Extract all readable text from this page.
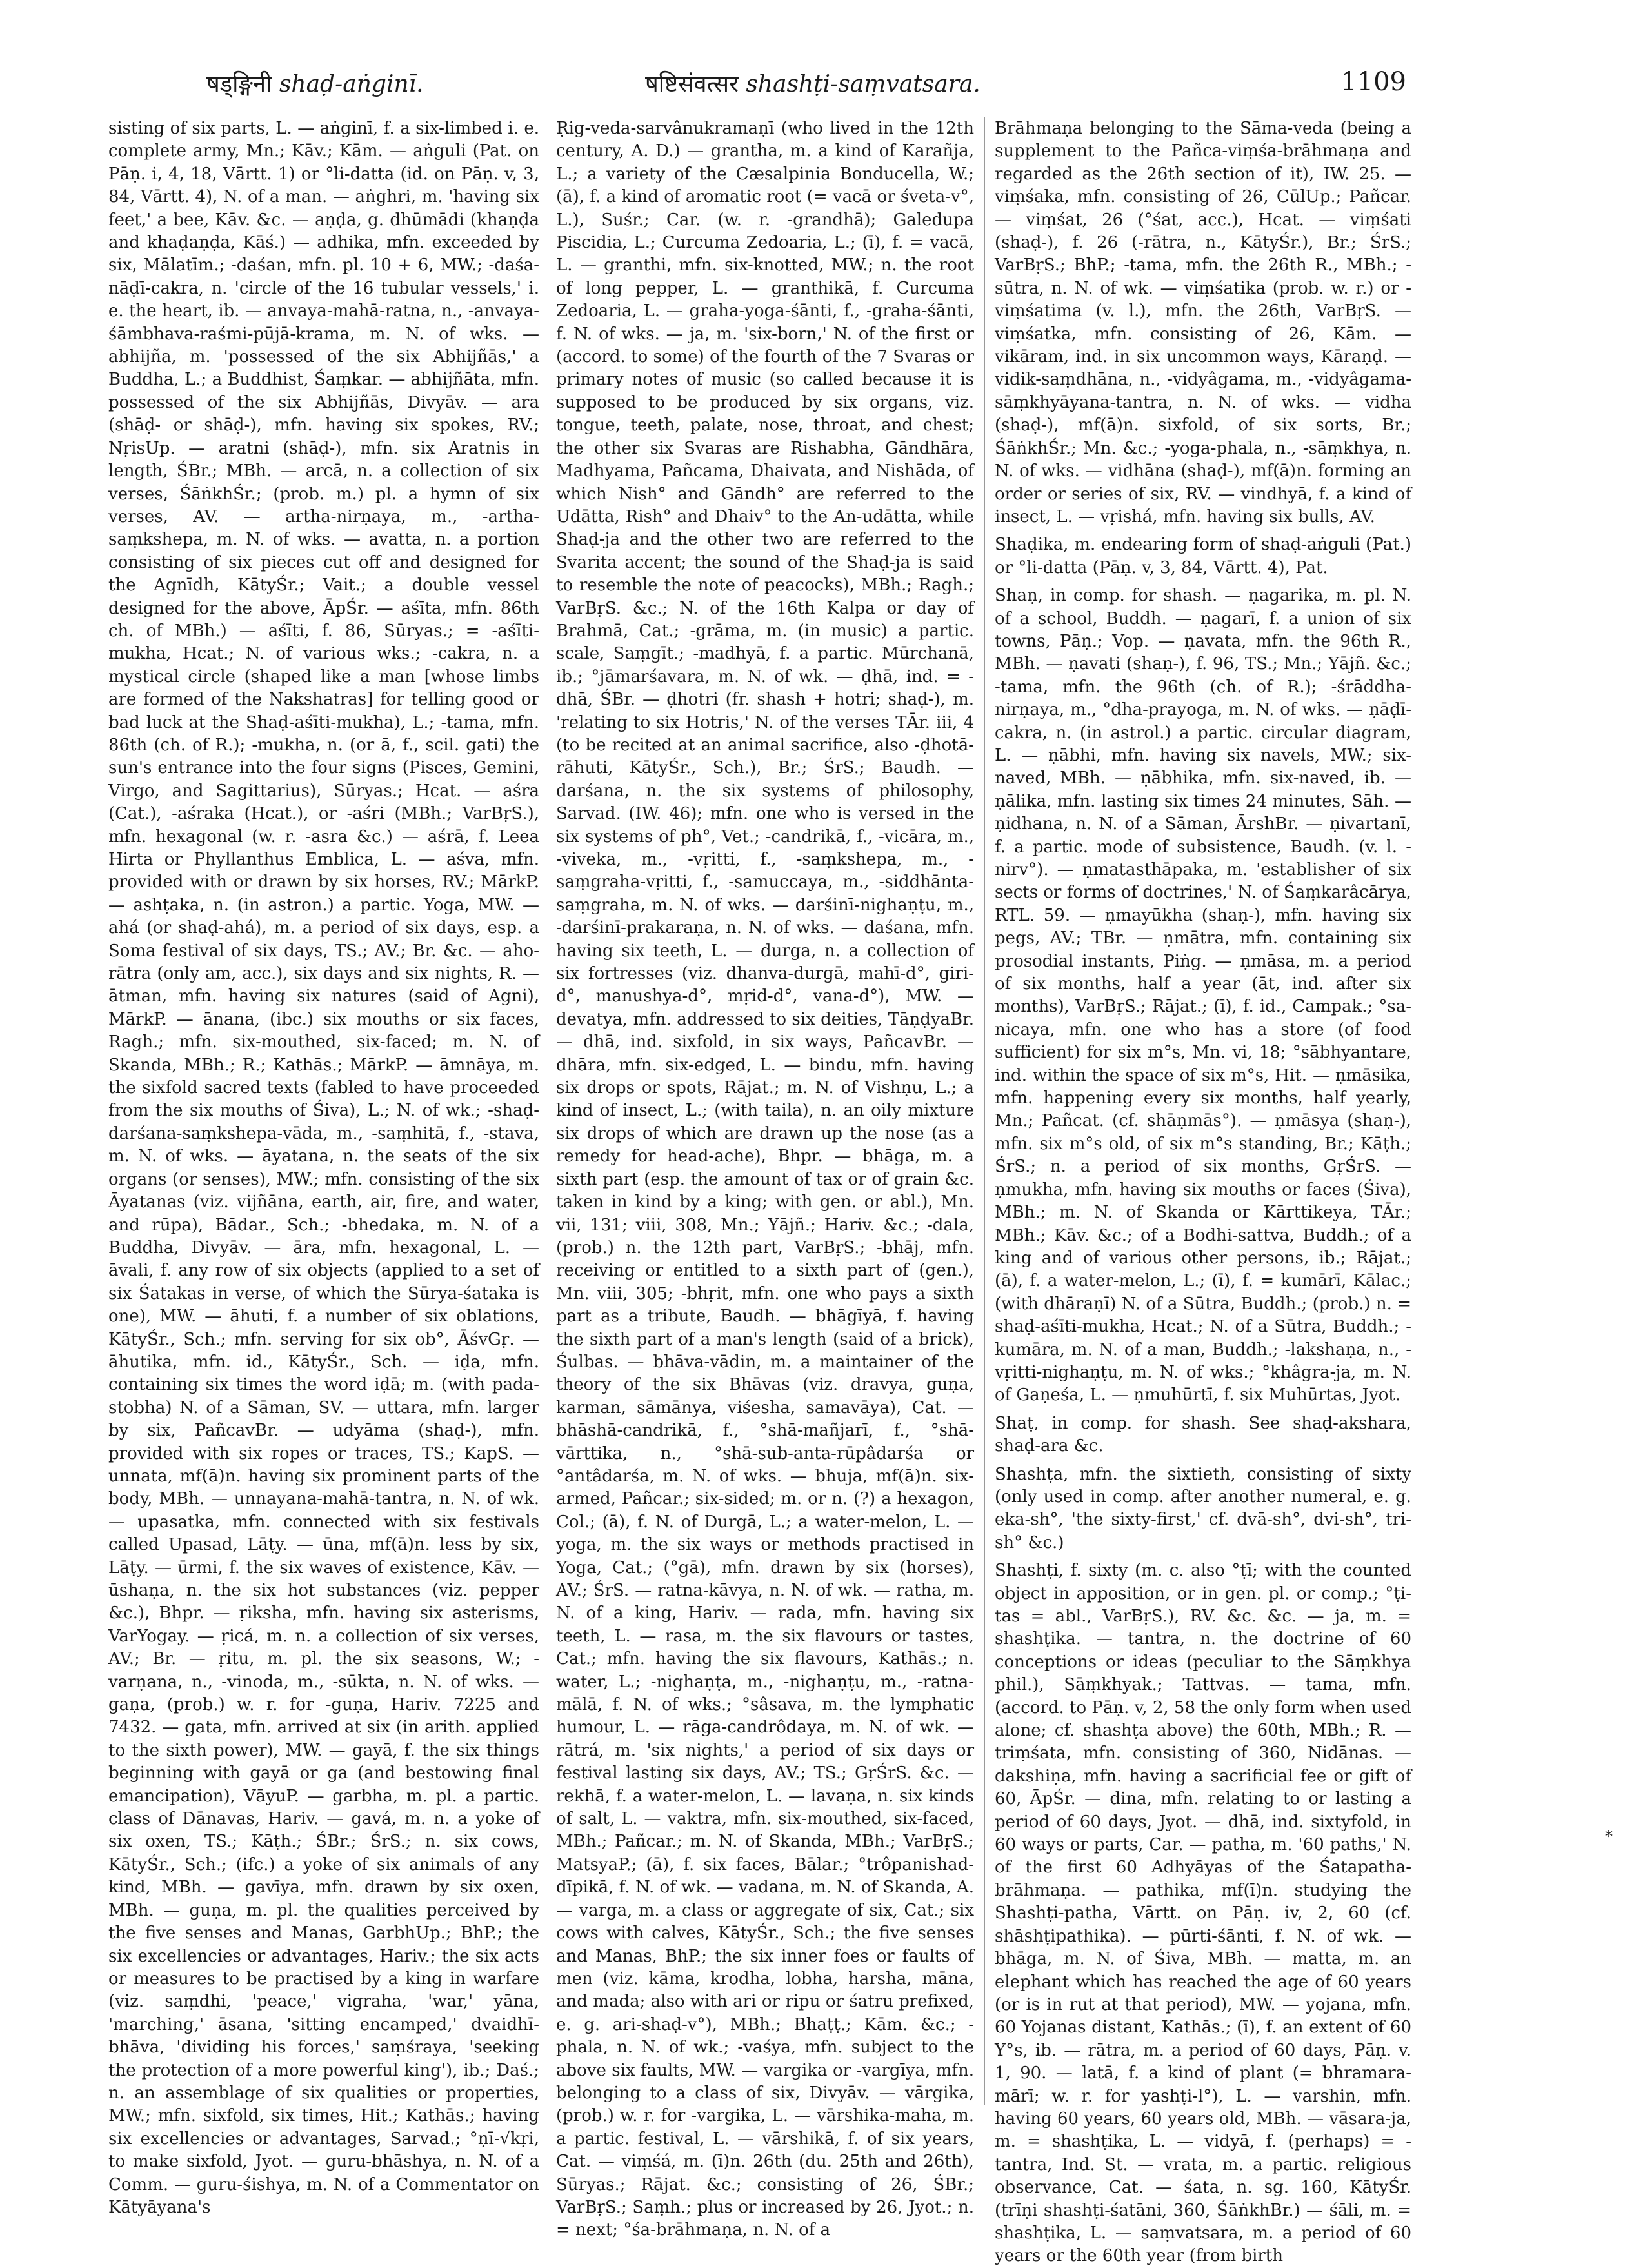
षड्ङ्गिनी shaḍ-aṅginī.	षष्टिसंवत्सर shashṭi-saṃvatsara.	1109

sisting of six parts, L. — aṅginī, f. a six-limbed i. e. complete army, Mn.; Kāv.; Kām. — aṅguli (Pat. on Pāṇ. i, 4, 18, Vārtt. 1) or °li-datta (id. on Pāṇ. v, 3, 84, Vārtt. 4), N. of a man. — aṅghri, m. 'having six feet,' a bee, Kāv. &c. — aṇḍa, g. dhūmādi (khaṇḍa and khaḍaṇḍa, Kāś.) — adhika, mfn. exceeded by six, Mālatīm.; -daśan, mfn. pl. 10 + 6, MW.; -daśa-nāḍī-cakra, n. 'circle of the 16 tubular vessels,' i. e. the heart, ib. — anvaya-mahā-ratna, n., -anvaya-śāmbhava-raśmi-pūjā-krama, m. N. of wks. — abhijña, m. 'possessed of the six Abhijñās,' a Buddha, L.; a Buddhist, Śaṃkar. — abhijñāta, mfn. possessed of the six Abhijñās, Divyāv. — ara (shāḍ- or shāḍ-), mfn. having six spokes, RV.; NṛisUp. — aratni (shāḍ-), mfn. six Aratnis in length, ŚBr.; MBh. — arcā, n. a collection of six verses, ŚāṅkhŚr.; (prob. m.) pl. a hymn of six verses, AV. — artha-nirṇaya, m., -artha-saṃkshepa, m. N. of wks. — avatta, n. a portion consisting of six pieces cut off and designed for the Agnīdh, KātyŚr.; Vait.; a double vessel designed for the above, ĀpŚr. — aśīta, mfn. 86th ch. of MBh.) — aśīti, f. 86, Sūryas.; = -aśīti-mukha, Hcat.; N. of various wks.; -cakra, n. a mystical circle (shaped like a man [whose limbs are formed of the Nakshatras] for telling good or bad luck at the Shaḍ-aśīti-mukha), L.; -tama, mfn. 86th (ch. of R.); -mukha, n. (or ā, f., scil. gati) the sun's entrance into the four signs (Pisces, Gemini, Virgo, and Sagittarius), Sūryas.; Hcat. — aśra (Cat.), -aśraka (Hcat.), or -aśri (MBh.; VarBṛS.), mfn. hexagonal (w. r. -asra &c.) — aśrā, f. Leea Hirta or Phyllanthus Emblica, L. — aśva, mfn. provided with or drawn by six horses, RV.; MārkP. — ashṭaka, n. (in astron.) a partic. Yoga, MW. — ahá (or shaḍ-ahá), m. a period of six days, esp. a Soma festival of six days, TS.; AV.; Br. &c. — aho-rātra (only am, acc.), six days and six nights, R. — ātman, mfn. having six natures (said of Agni), MārkP. — ānana, (ibc.) six mouths or six faces, Ragh.; mfn. six-mouthed, six-faced; m. N. of Skanda, MBh.; R.; Kathās.; MārkP. — āmnāya, m. the sixfold sacred texts (fabled to have proceeded from the six mouths of Śiva), L.; N. of wk.; -shaḍ-darśana-saṃkshepa-vāda, m., -saṃhitā, f., -stava, m. N. of wks. — āyatana, n. the seats of the six organs (or senses), MW.; mfn. consisting of the six Āyatanas (viz. vijñāna, earth, air, fire, and water, and rūpa), Bādar., Sch.; -bhedaka, m. N. of a Buddha, Divyāv. — āra, mfn. hexagonal, L. — āvali, f. any row of six objects (applied to a set of six Śatakas in verse, of which the Sūrya-śataka is one), MW. — āhuti, f. a number of six oblations, KātyŚr., Sch.; mfn. serving for six ob°, ĀśvGṛ. — āhutika, mfn. id., KātyŚr., Sch. — iḍa, mfn. containing six times the word iḍā; m. (with pada-stobha) N. of a Sāman, SV. — uttara, mfn. larger by six, PañcavBr. — udyāma (shaḍ-), mfn. provided with six ropes or traces, TS.; KapS. — unnata, mf(ā)n. having six prominent parts of the body, MBh. — unnayana-mahā-tantra, n. N. of wk. — upasatka, mfn. connected with six festivals called Upasad, Lāṭy. — ūna, mf(ā)n. less by six, Lāṭy. — ūrmi, f. the six waves of existence, Kāv. — ūshaṇa, n. the six hot substances (viz. pepper &c.), Bhpr. — ṛiksha, mfn. having six asterisms, VarYogay. — ṛicá, m. n. a collection of six verses, AV.; Br. — ṛitu, m. pl. the six seasons, W.; -varṇana, n., -vinoda, m., -sūkta, n. N. of wks. — gaṇa, (prob.) w. r. for -guṇa, Hariv. 7225 and 7432. — gata, mfn. arrived at six (in arith. applied to the sixth power), MW. — gayā, f. the six things beginning with gayā or ga (and bestowing final emancipation), VāyuP. — garbha, m. pl. a partic. class of Dānavas, Hariv. — gavá, m. n. a yoke of six oxen, TS.; Kāṭh.; ŚBr.; ŚrS.; n. six cows, KātyŚr., Sch.; (ifc.) a yoke of six animals of any kind, MBh. — gavīya, mfn. drawn by six oxen, MBh. — guṇa, m. pl. the qualities perceived by the five senses and Manas, GarbhUp.; BhP.; the six excellencies or advantages, Hariv.; the six acts or measures to be practised by a king in warfare (viz. saṃdhi, 'peace,' vigraha, 'war,' yāna, 'marching,' āsana, 'sitting encamped,' dvaidhī-bhāva, 'dividing his forces,' saṃśraya, 'seeking the protection of a more powerful king'), ib.; Daś.; n. an assemblage of six qualities or properties, MW.; mfn. sixfold, six times, Hit.; Kathās.; having six excellencies or advantages, Sarvad.; °ṇī-√kṛi, to make sixfold, Jyot. — guru-bhāshya, n. N. of a Comm. — guru-śishya, m. N. of a Commentator on Kātyāyana's

Ṛig-veda-sarvânukramaṇī (who lived in the 12th century, A. D.) — grantha, m. a kind of Karañja, L.; a variety of the Cæsalpinia Bonducella, W.; (ā), f. a kind of aromatic root (= vacā or śveta-v°, L.), Suśr.; Car. (w. r. -grandhā); Galedupa Piscidia, L.; Curcuma Zedoaria, L.; (ī), f. = vacā, L. — granthi, mfn. six-knotted, MW.; n. the root of long pepper, L. — granthikā, f. Curcuma Zedoaria, L. — graha-yoga-śānti, f., -graha-śānti, f. N. of wks. — ja, m. 'six-born,' N. of the first or (accord. to some) of the fourth of the 7 Svaras or primary notes of music (so called because it is supposed to be produced by six organs, viz. tongue, teeth, palate, nose, throat, and chest; the other six Svaras are Rishabha, Gāndhāra, Madhyama, Pañcama, Dhaivata, and Nishāda, of which Nish° and Gāndh° are referred to the Udātta, Rish° and Dhaiv° to the An-udātta, while Shaḍ-ja and the other two are referred to the Svarita accent; the sound of the Shaḍ-ja is said to resemble the note of peacocks), MBh.; Ragh.; VarBṛS. &c.; N. of the 16th Kalpa or day of Brahmā, Cat.; -grāma, m. (in music) a partic. scale, Saṃgīt.; -madhyā, f. a partic. Mūrchanā, ib.; °jāmarśavara, m. N. of wk. — ḍhā, ind. = -dhā, ŚBr. — ḍhotri (fr. shash + hotri; shaḍ-), m. 'relating to six Hotris,' N. of the verses TĀr. iii, 4 (to be recited at an animal sacrifice, also -ḍhotā-rāhuti, KātyŚr., Sch.), Br.; ŚrS.; Baudh. — darśana, n. the six systems of philosophy, Sarvad. (IW. 46); mfn. one who is versed in the six systems of ph°, Vet.; -candrikā, f., -vicāra, m., -viveka, m., -vṛitti, f., -saṃkshepa, m., -saṃgraha-vṛitti, f., -samuccaya, m., -siddhānta-saṃgraha, m. N. of wks. — darśinī-nighaṇṭu, m., -darśinī-prakaraṇa, n. N. of wks. — daśana, mfn. having six teeth, L. — durga, n. a collection of six fortresses (viz. dhanva-durgā, mahī-d°, giri-d°, manushya-d°, mṛid-d°, vana-d°), MW. — devatya, mfn. addressed to six deities, TāṇḍyaBr. — dhā, ind. sixfold, in six ways, PañcavBr. — dhāra, mfn. six-edged, L. — bindu, mfn. having six drops or spots, Rājat.; m. N. of Vishṇu, L.; a kind of insect, L.; (with taila), n. an oily mixture six drops of which are drawn up the nose (as a remedy for head-ache), Bhpr. — bhāga, m. a sixth part (esp. the amount of tax or of grain &c. taken in kind by a king; with gen. or abl.), Mn. vii, 131; viii, 308, Mn.; Yājñ.; Hariv. &c.; -dala, (prob.) n. the 12th part, VarBṛS.; -bhāj, mfn. receiving or entitled to a sixth part of (gen.), Mn. viii, 305; -bhṛit, mfn. one who pays a sixth part as a tribute, Baudh. — bhāgīyā, f. having the sixth part of a man's length (said of a brick), Śulbas. — bhāva-vādin, m. a maintainer of the theory of the six Bhāvas (viz. dravya, guṇa, karman, sāmānya, viśesha, samavāya), Cat. — bhāshā-candrikā, f., °shā-mañjarī, f., °shā-vārttika, n., °shā-sub-anta-rūpâdarśa or °antâdarśa, m. N. of wks. — bhuja, mf(ā)n. six-armed, Pañcar.; six-sided; m. or n. (?) a hexagon, Col.; (ā), f. N. of Durgā, L.; a water-melon, L. — yoga, m. the six ways or methods practised in Yoga, Cat.; (°gā), mfn. drawn by six (horses), AV.; ŚrS. — ratna-kāvya, n. N. of wk. — ratha, m. N. of a king, Hariv. — rada, mfn. having six teeth, L. — rasa, m. the six flavours or tastes, Cat.; mfn. having the six flavours, Kathās.; n. water, L.; -nighaṇṭa, m., -nighaṇṭu, m., -ratna-mālā, f. N. of wks.; °sâsava, m. the lymphatic humour, L. — rāga-candrôdaya, m. N. of wk. — rātrá, m. 'six nights,' a period of six days or festival lasting six days, AV.; TS.; GṛŚrS. &c. — rekhā, f. a water-melon, L. — lavaṇa, n. six kinds of salt, L. — vaktra, mfn. six-mouthed, six-faced, MBh.; Pañcar.; m. N. of Skanda, MBh.; VarBṛS.; MatsyaP.; (ā), f. six faces, Bālar.; °trôpanishad-dīpikā, f. N. of wk. — vadana, m. N. of Skanda, A. — varga, m. a class or aggregate of six, Cat.; six cows with calves, KātyŚr., Sch.; the five senses and Manas, BhP.; the six inner foes or faults of men (viz. kāma, krodha, lobha, harsha, māna, and mada; also with ari or ripu or śatru prefixed, e. g. ari-shaḍ-v°), MBh.; Bhaṭṭ.; Kām. &c.; -phala, n. N. of wk.; -vaśya, mfn. subject to the above six faults, MW. — vargika or -vargīya, mfn. belonging to a class of six, Divyāv. — vārgika, (prob.) w. r. for -vargika, L. — vārshika-maha, m. a partic. festival, L. — vārshikā, f. of six years, Cat. — viṃśá, m. (ī)n. 26th (du. 25th and 26th), Sūryas.; Rājat. &c.; consisting of 26, ŚBr.; VarBṛS.; Saṃh.; plus or increased by 26, Jyot.; n. = next; °śa-brāhmaṇa, n. N. of a

Brāhmaṇa belonging to the Sāma-veda (being a supplement to the Pañca-viṃśa-brāhmaṇa and regarded as the 26th section of it), IW. 25. — viṃśaka, mfn. consisting of 26, CūlUp.; Pañcar. — viṃśat, 26 (°śat, acc.), Hcat. — viṃśati (shaḍ-), f. 26 (-rātra, n., KātyŚr.), Br.; ŚrS.; VarBṛS.; BhP.; -tama, mfn. the 26th R., MBh.; -sūtra, n. N. of wk. — viṃśatika (prob. w. r.) or -viṃśatima (v. l.), mfn. the 26th, VarBṛS. — viṃśatka, mfn. consisting of 26, Kām. — vikāram, ind. in six uncommon ways, Kāraṇḍ. — vidik-saṃdhāna, n., -vidyâgama, m., -vidyâgama-sāṃkhyāyana-tantra, n. N. of wks. — vidha (shaḍ-), mf(ā)n. sixfold, of six sorts, Br.; ŚāṅkhŚr.; Mn. &c.; -yoga-phala, n., -sāṃkhya, n. N. of wks. — vidhāna (shaḍ-), mf(ā)n. forming an order or series of six, RV. — vindhyā, f. a kind of insect, L. — vṛishá, mfn. having six bulls, AV.

Shaḍika, m. endearing form of shaḍ-aṅguli (Pat.) or °li-datta (Pāṇ. v, 3, 84, Vārtt. 4), Pat.

Shaṇ, in comp. for shash. — ṇagarika, m. pl. N. of a school, Buddh. — ṇagarī, f. a union of six towns, Pāṇ.; Vop. — ṇavata, mfn. the 96th R., MBh. — ṇavati (shaṇ-), f. 96, TS.; Mn.; Yājñ. &c.; -tama, mfn. the 96th (ch. of R.); -śrāddha-nirṇaya, m., °dha-prayoga, m. N. of wks. — ṇāḍī-cakra, n. (in astrol.) a partic. circular diagram, L. — ṇābhi, mfn. having six navels, MW.; six-naved, MBh. — ṇābhika, mfn. six-naved, ib. — ṇālika, mfn. lasting six times 24 minutes, Sāh. — ṇidhana, n. N. of a Sāman, ĀrshBr. — ṇivartanī, f. a partic. mode of subsistence, Baudh. (v. l. -nirv°). — ṇmatasthāpaka, m. 'establisher of six sects or forms of doctrines,' N. of Śaṃkarâcārya, RTL. 59. — ṇmayūkha (shaṇ-), mfn. having six pegs, AV.; TBr. — ṇmātra, mfn. containing six prosodial instants, Piṅg. — ṇmāsa, m. a period of six months, half a year (āt, ind. after six months), VarBṛS.; Rājat.; (ī), f. id., Campak.; °sa-nicaya, mfn. one who has a store (of food sufficient) for six m°s, Mn. vi, 18; °sābhyantare, ind. within the space of six m°s, Hit. — ṇmāsika, mfn. happening every six months, half yearly, Mn.; Pañcat. (cf. shāṇmās°). — ṇmāsya (shaṇ-), mfn. six m°s old, of six m°s standing, Br.; Kāṭh.; ŚrS.; n. a period of six months, GṛŚrS. — ṇmukha, mfn. having six mouths or faces (Śiva), MBh.; m. N. of Skanda or Kārttikeya, TĀr.; MBh.; Kāv. &c.; of a Bodhi-sattva, Buddh.; of a king and of various other persons, ib.; Rājat.; (ā), f. a water-melon, L.; (ī), f. = kumārī, Kālac.; (with dhāraṇī) N. of a Sūtra, Buddh.; (prob.) n. = shaḍ-aśīti-mukha, Hcat.; N. of a Sūtra, Buddh.; -kumāra, m. N. of a man, Buddh.; -lakshaṇa, n., -vṛitti-nighaṇṭu, m. N. of wks.; °khâgra-ja, m. N. of Gaṇeśa, L. — ṇmuhūrtī, f. six Muhūrtas, Jyot.

Shaṭ, in comp. for shash. See shaḍ-akshara, shaḍ-ara &c.

Shashṭa, mfn. the sixtieth, consisting of sixty (only used in comp. after another numeral, e. g. eka-sh°, 'the sixty-first,' cf. dvā-sh°, dvi-sh°, tri-sh° &c.)

Shashṭi, f. sixty (m. c. also °ṭī; with the counted object in apposition, or in gen. pl. or comp.; °ṭi-tas = abl., VarBṛS.), RV. &c. &c. — ja, m. = shashṭika. — tantra, n. the doctrine of 60 conceptions or ideas (peculiar to the Sāṃkhya phil.), Sāṃkhyak.; Tattvas. — tama, mfn. (accord. to Pāṇ. v, 2, 58 the only form when used alone; cf. shashṭa above) the 60th, MBh.; R. — triṃśata, mfn. consisting of 360, Nidānas. — dakshiṇa, mfn. having a sacrificial fee or gift of 60, ĀpŚr. — dina, mfn. relating to or lasting a period of 60 days, Jyot. — dhā, ind. sixtyfold, in 60 ways or parts, Car. — patha, m. '60 paths,' N. of the first 60 Adhyāyas of the Śatapatha-brāhmaṇa. — pathika, mf(ī)n. studying the Shashṭi-patha, Vārtt. on Pāṇ. iv, 2, 60 (cf. shāshṭipathika). — pūrti-śānti, f. N. of wk. — bhāga, m. N. of Śiva, MBh. — matta, m. an elephant which has reached the age of 60 years (or is in rut at that period), MW. — yojana, mfn. 60 Yojanas distant, Kathās.; (ī), f. an extent of 60 Y°s, ib. — rātra, m. a period of 60 days, Pāṇ. v. 1, 90. — latā, f. a kind of plant (= bhramara-mārī; w. r. for yashṭi-l°), L. — varshin, mfn. having 60 years, 60 years old, MBh. — vāsara-ja, m. = shashṭika, L. — vidyā, f. (perhaps) = -tantra, Ind. St. — vrata, m. a partic. religious observance, Cat. — śata, n. sg. 160, KātyŚr. (trīṇi shashṭi-śatāni, 360, ŚāṅkhBr.) — śāli, m. = shashṭika, L. — saṃvatsara, m. a period of 60 years or the 60th year (from birth

*
